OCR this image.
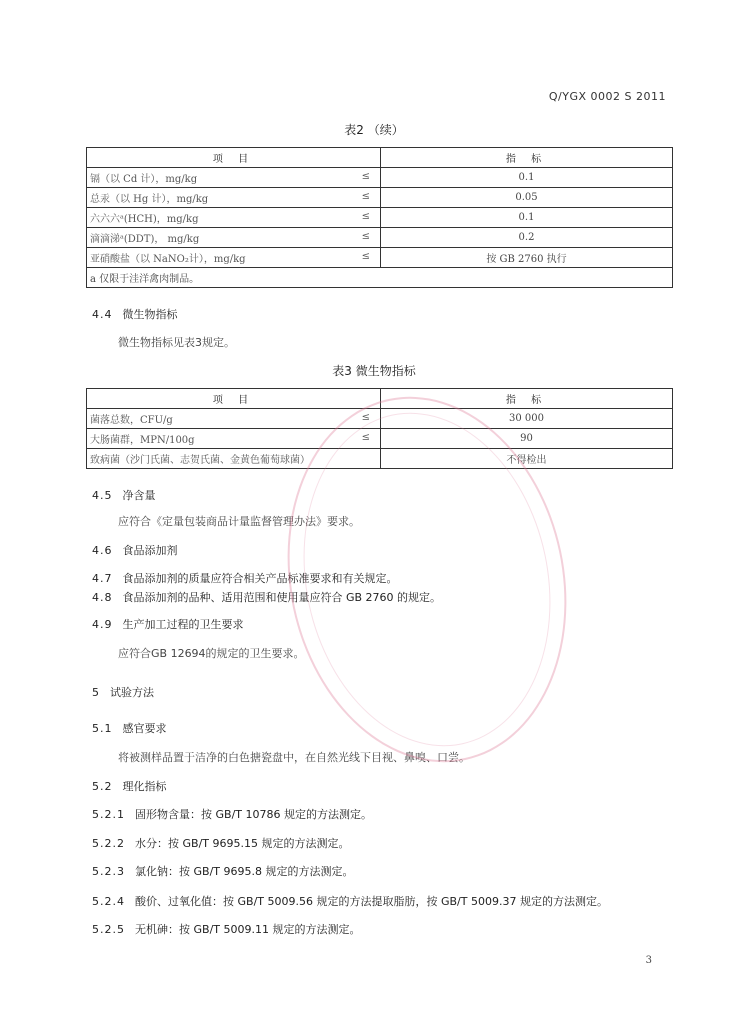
Q/YGX 0002 S 2011
表2 （续）
项 目	指 标
镉（以 Cd 计），mg/kg ≤	0.1
总汞（以 Hg 计），mg/kg ≤	0.05
六六六ᵃ(HCH)，mg/kg ≤	0.1
滴滴涕ᵃ(DDT)， mg/kg ≤	0.2
亚硝酸盐（以 NaNO₂计），mg/kg ≤	按 GB 2760 执行
a 仅限于洼洋禽肉制品。	
4.4 微生物指标
微生物指标见表3规定。
表3 微生物指标
项 目	指 标
菌落总数，CFU/g ≤	30 000
大肠菌群，MPN/100g ≤	90
致病菌（沙门氏菌、志贺氏菌、金黄色葡萄球菌）	不得检出
4.5 净含量
应符合《定量包装商品计量监督管理办法》要求。
4.6 食品添加剂
4.7 食品添加剂的质量应符合相关产品标准要求和有关规定。
4.8 食品添加剂的品种、适用范围和使用量应符合 GB 2760 的规定。
4.9 生产加工过程的卫生要求
应符合GB 12694的规定的卫生要求。
5 试验方法
5.1 感官要求
将被测样品置于洁净的白色搪瓷盘中，在自然光线下目视、鼻嗅、口尝。
5.2 理化指标
5.2.1 固形物含量：按 GB/T 10786 规定的方法测定。
5.2.2 水分：按 GB/T 9695.15 规定的方法测定。
5.2.3 氯化钠：按 GB/T 9695.8 规定的方法测定。
5.2.4 酸价、过氧化值：按 GB/T 5009.56 规定的方法提取脂肪，按 GB/T 5009.37 规定的方法测定。
5.2.5 无机砷：按 GB/T 5009.11 规定的方法测定。
3
